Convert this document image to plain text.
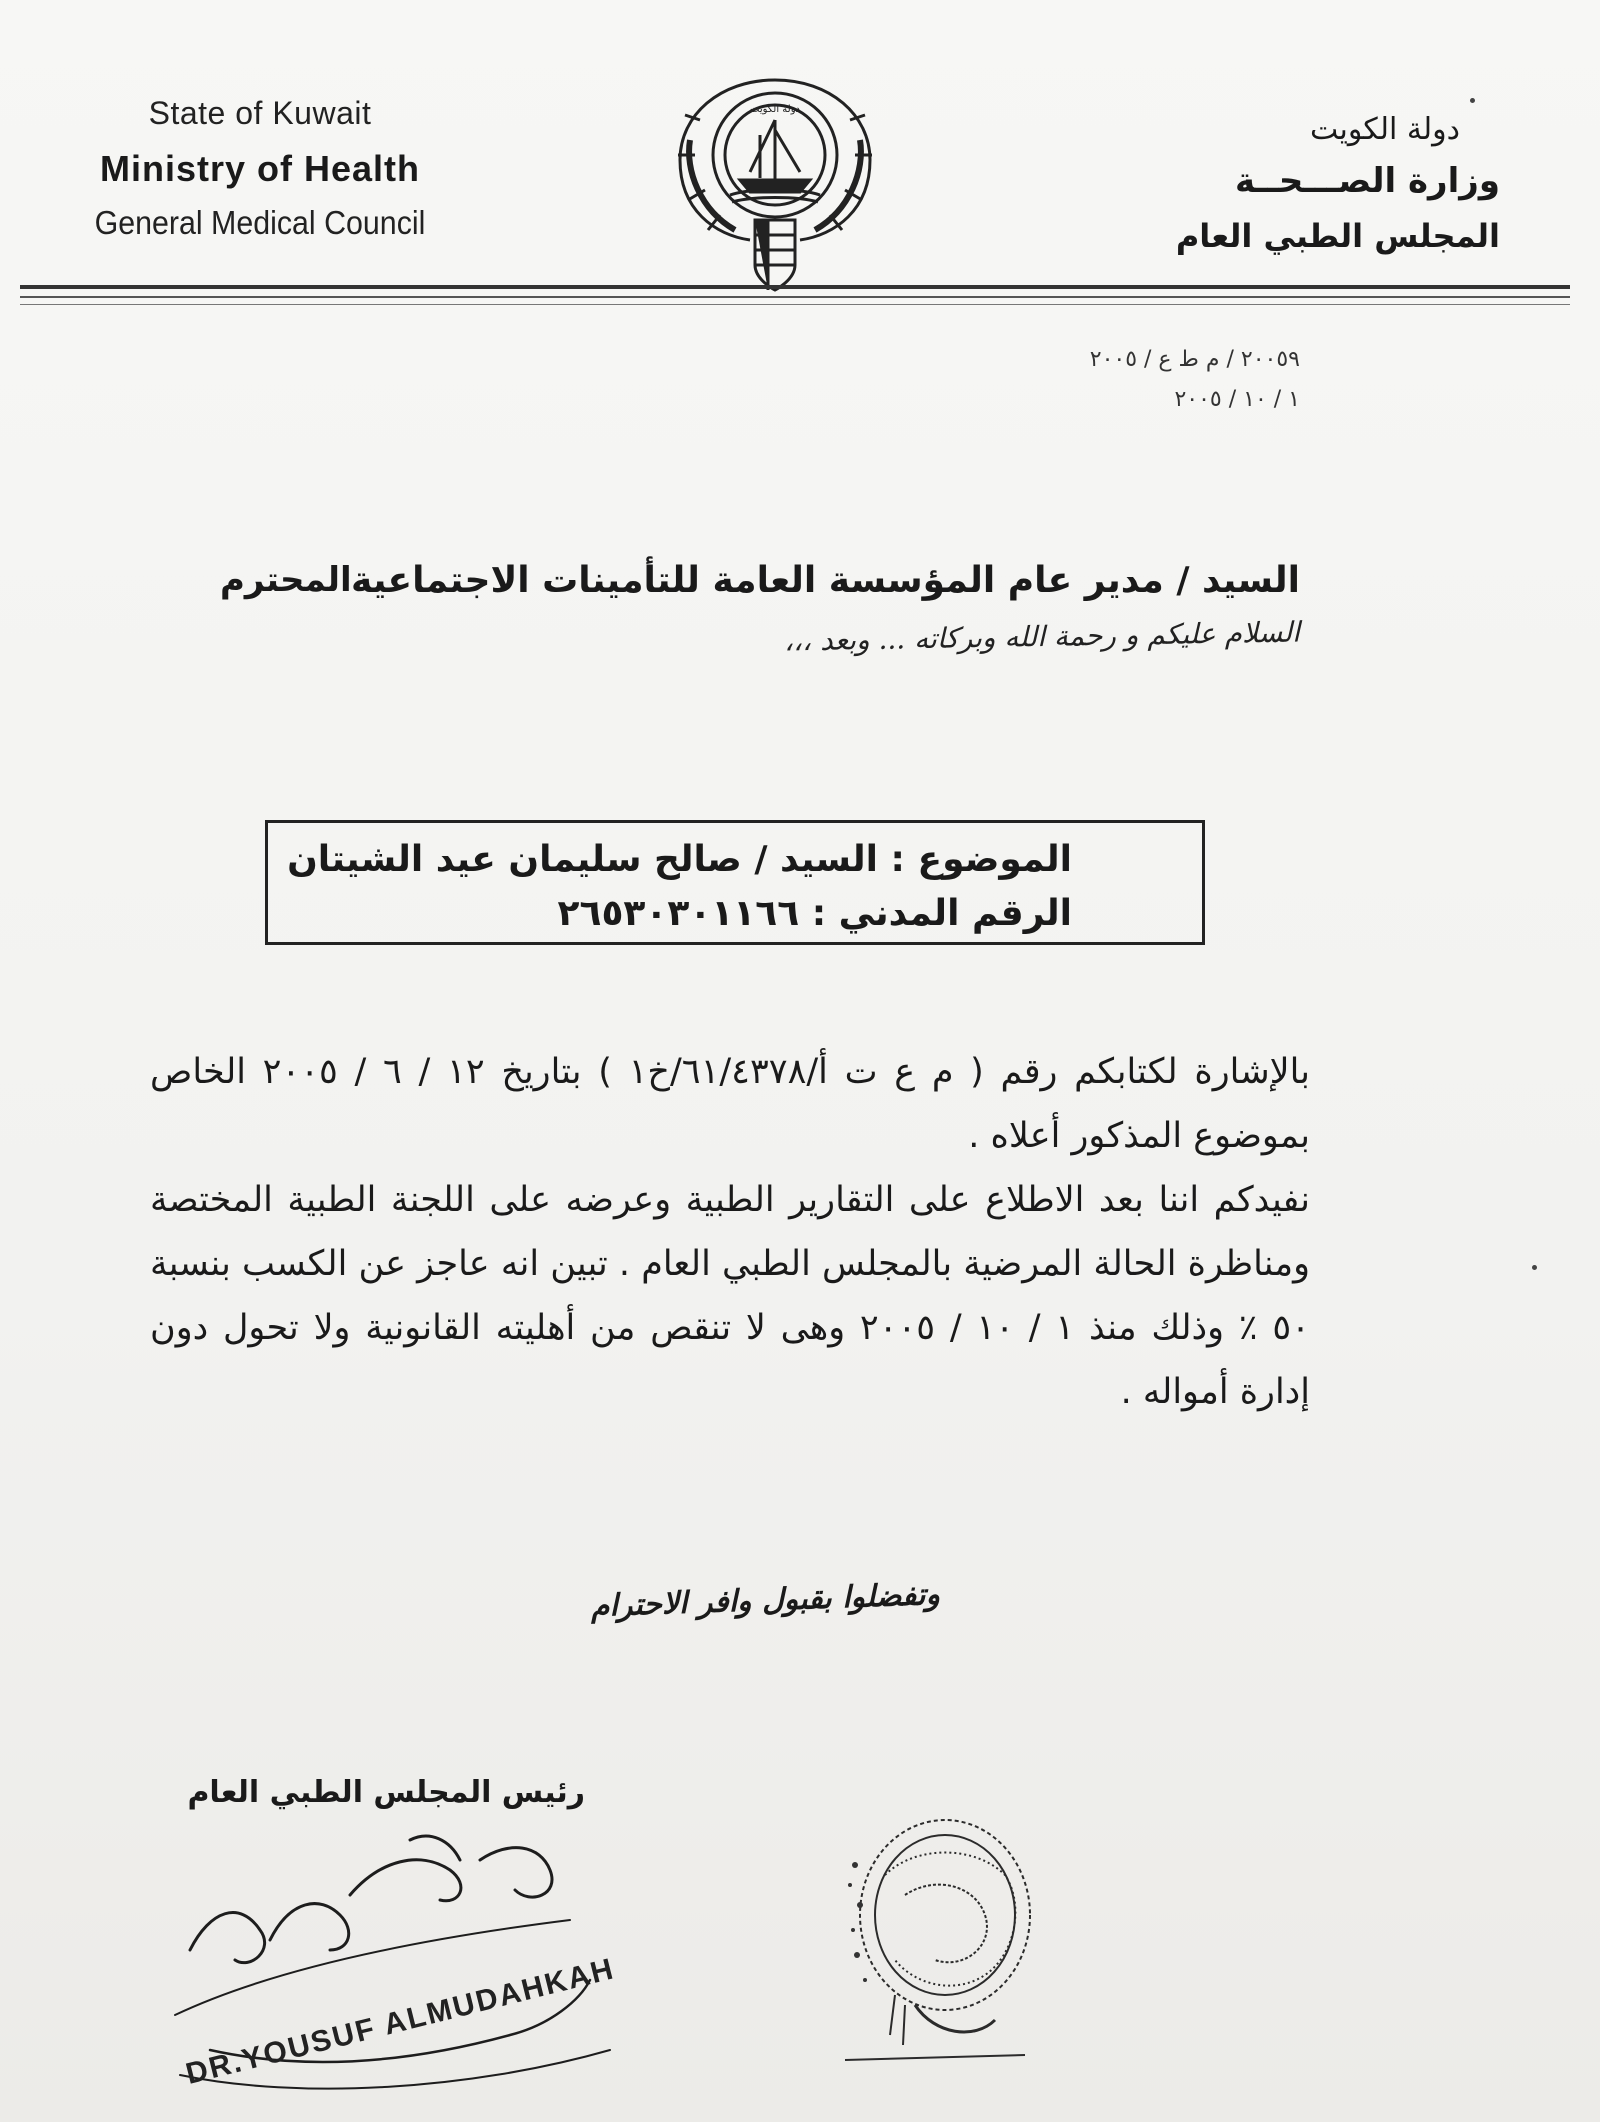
State of Kuwait
Ministry of Health
General Medical Council
دولة الكويت
دولة الكويت
وزارة الصـــحــة
المجلس الطبي العام
٢٠٠٥٩ / م ط ع / ٢٠٠٥
١ / ١٠ / ٢٠٠٥
السيد / مدير عام المؤسسة العامة للتأمينات الاجتماعية
المحترم
السلام عليكم و رحمة الله وبركاته ... وبعد ،،،
الموضوع : السيد / صالح سليمان عيد الشيتان
الرقم المدني : ٢٦٥٣٠٣٠١١٦٦

بالإشارة لكتابكم رقم ( م ع ت أ/٦١/٤٣٧٨/خ١ ) بتاريخ ١٢ / ٦ / ٢٠٠٥ الخاص بموضوع المذكور أعلاه .

نفيدكم اننا بعد الاطلاع على التقارير الطبية وعرضه على اللجنة الطبية المختصة ومناظرة الحالة المرضية بالمجلس الطبي العام . تبين انه عاجز عن الكسب بنسبة ٥٠ ٪ وذلك منذ ١ / ١٠ / ٢٠٠٥ وهى لا تنقص من أهليته القانونية ولا تحول دون إدارة أمواله .

وتفضلوا بقبول وافر الاحترام
رئيس المجلس الطبي العام
DR.YOUSUF ALMUDAHKAH
